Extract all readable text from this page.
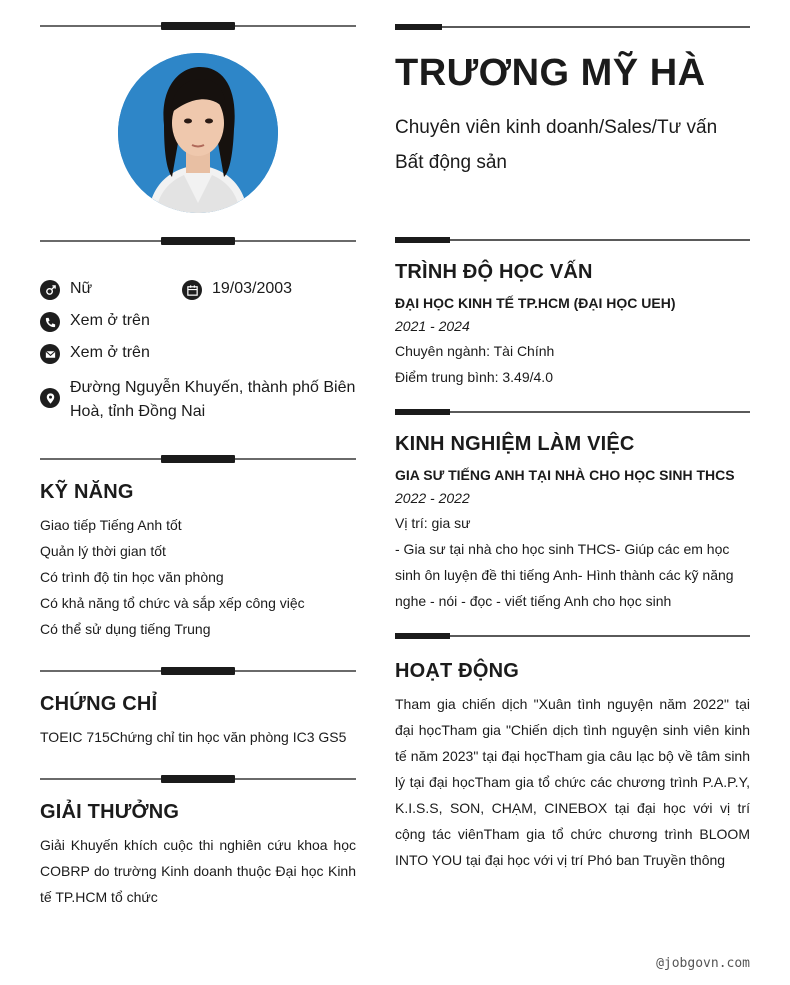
Nữ	19/03/2003
Xem ở trên
Xem ở trên
Đường Nguyễn Khuyến, thành phố Biên Hoà, tỉnh Đồng Nai
KỸ NĂNG
Giao tiếp Tiếng Anh tốt
Quản lý thời gian tốt
Có trình độ tin học văn phòng
Có khả năng tổ chức và sắp xếp công việc
Có thể sử dụng tiếng Trung
CHỨNG CHỈ

TOEIC 715Chứng chỉ tin học văn phòng IC3 GS5

GIẢI THƯỞNG

Giải Khuyến khích cuộc thi nghiên cứu khoa học COBRP do trường Kinh doanh thuộc Đại học Kinh tế TP.HCM tổ chức

TRƯƠNG MỸ HÀ

Chuyên viên kinh doanh/Sales/Tư vấn Bất động sản

TRÌNH ĐỘ HỌC VẤN

ĐẠI HỌC KINH TẾ TP.HCM (ĐẠI HỌC UEH)

2021 - 2024

Chuyên ngành: Tài Chính

Điểm trung bình: 3.49/4.0

KINH NGHIỆM LÀM VIỆC

GIA SƯ TIẾNG ANH TẠI NHÀ CHO HỌC SINH THCS

2022 - 2022

Vị trí: gia sư

- Gia sư tại nhà cho học sinh THCS- Giúp các em học sinh ôn luyện đề thi tiếng Anh- Hình thành các kỹ năng nghe - nói - đọc - viết tiếng Anh cho học sinh

HOẠT ĐỘNG

Tham gia chiến dịch "Xuân tình nguyện năm 2022" tại đại họcTham gia "Chiến dịch tình nguyện sinh viên kinh tế năm 2023" tại đại họcTham gia câu lạc bộ về tâm sinh lý tại đại họcTham gia tổ chức các chương trình P.A.P.Y, K.I.S.S, SON, CHẠM, CINEBOX tại đại học với vị trí cộng tác viênTham gia tổ chức chương trình BLOOM INTO YOU tại đại học với vị trí Phó ban Truyền thông

@jobgovn.com
